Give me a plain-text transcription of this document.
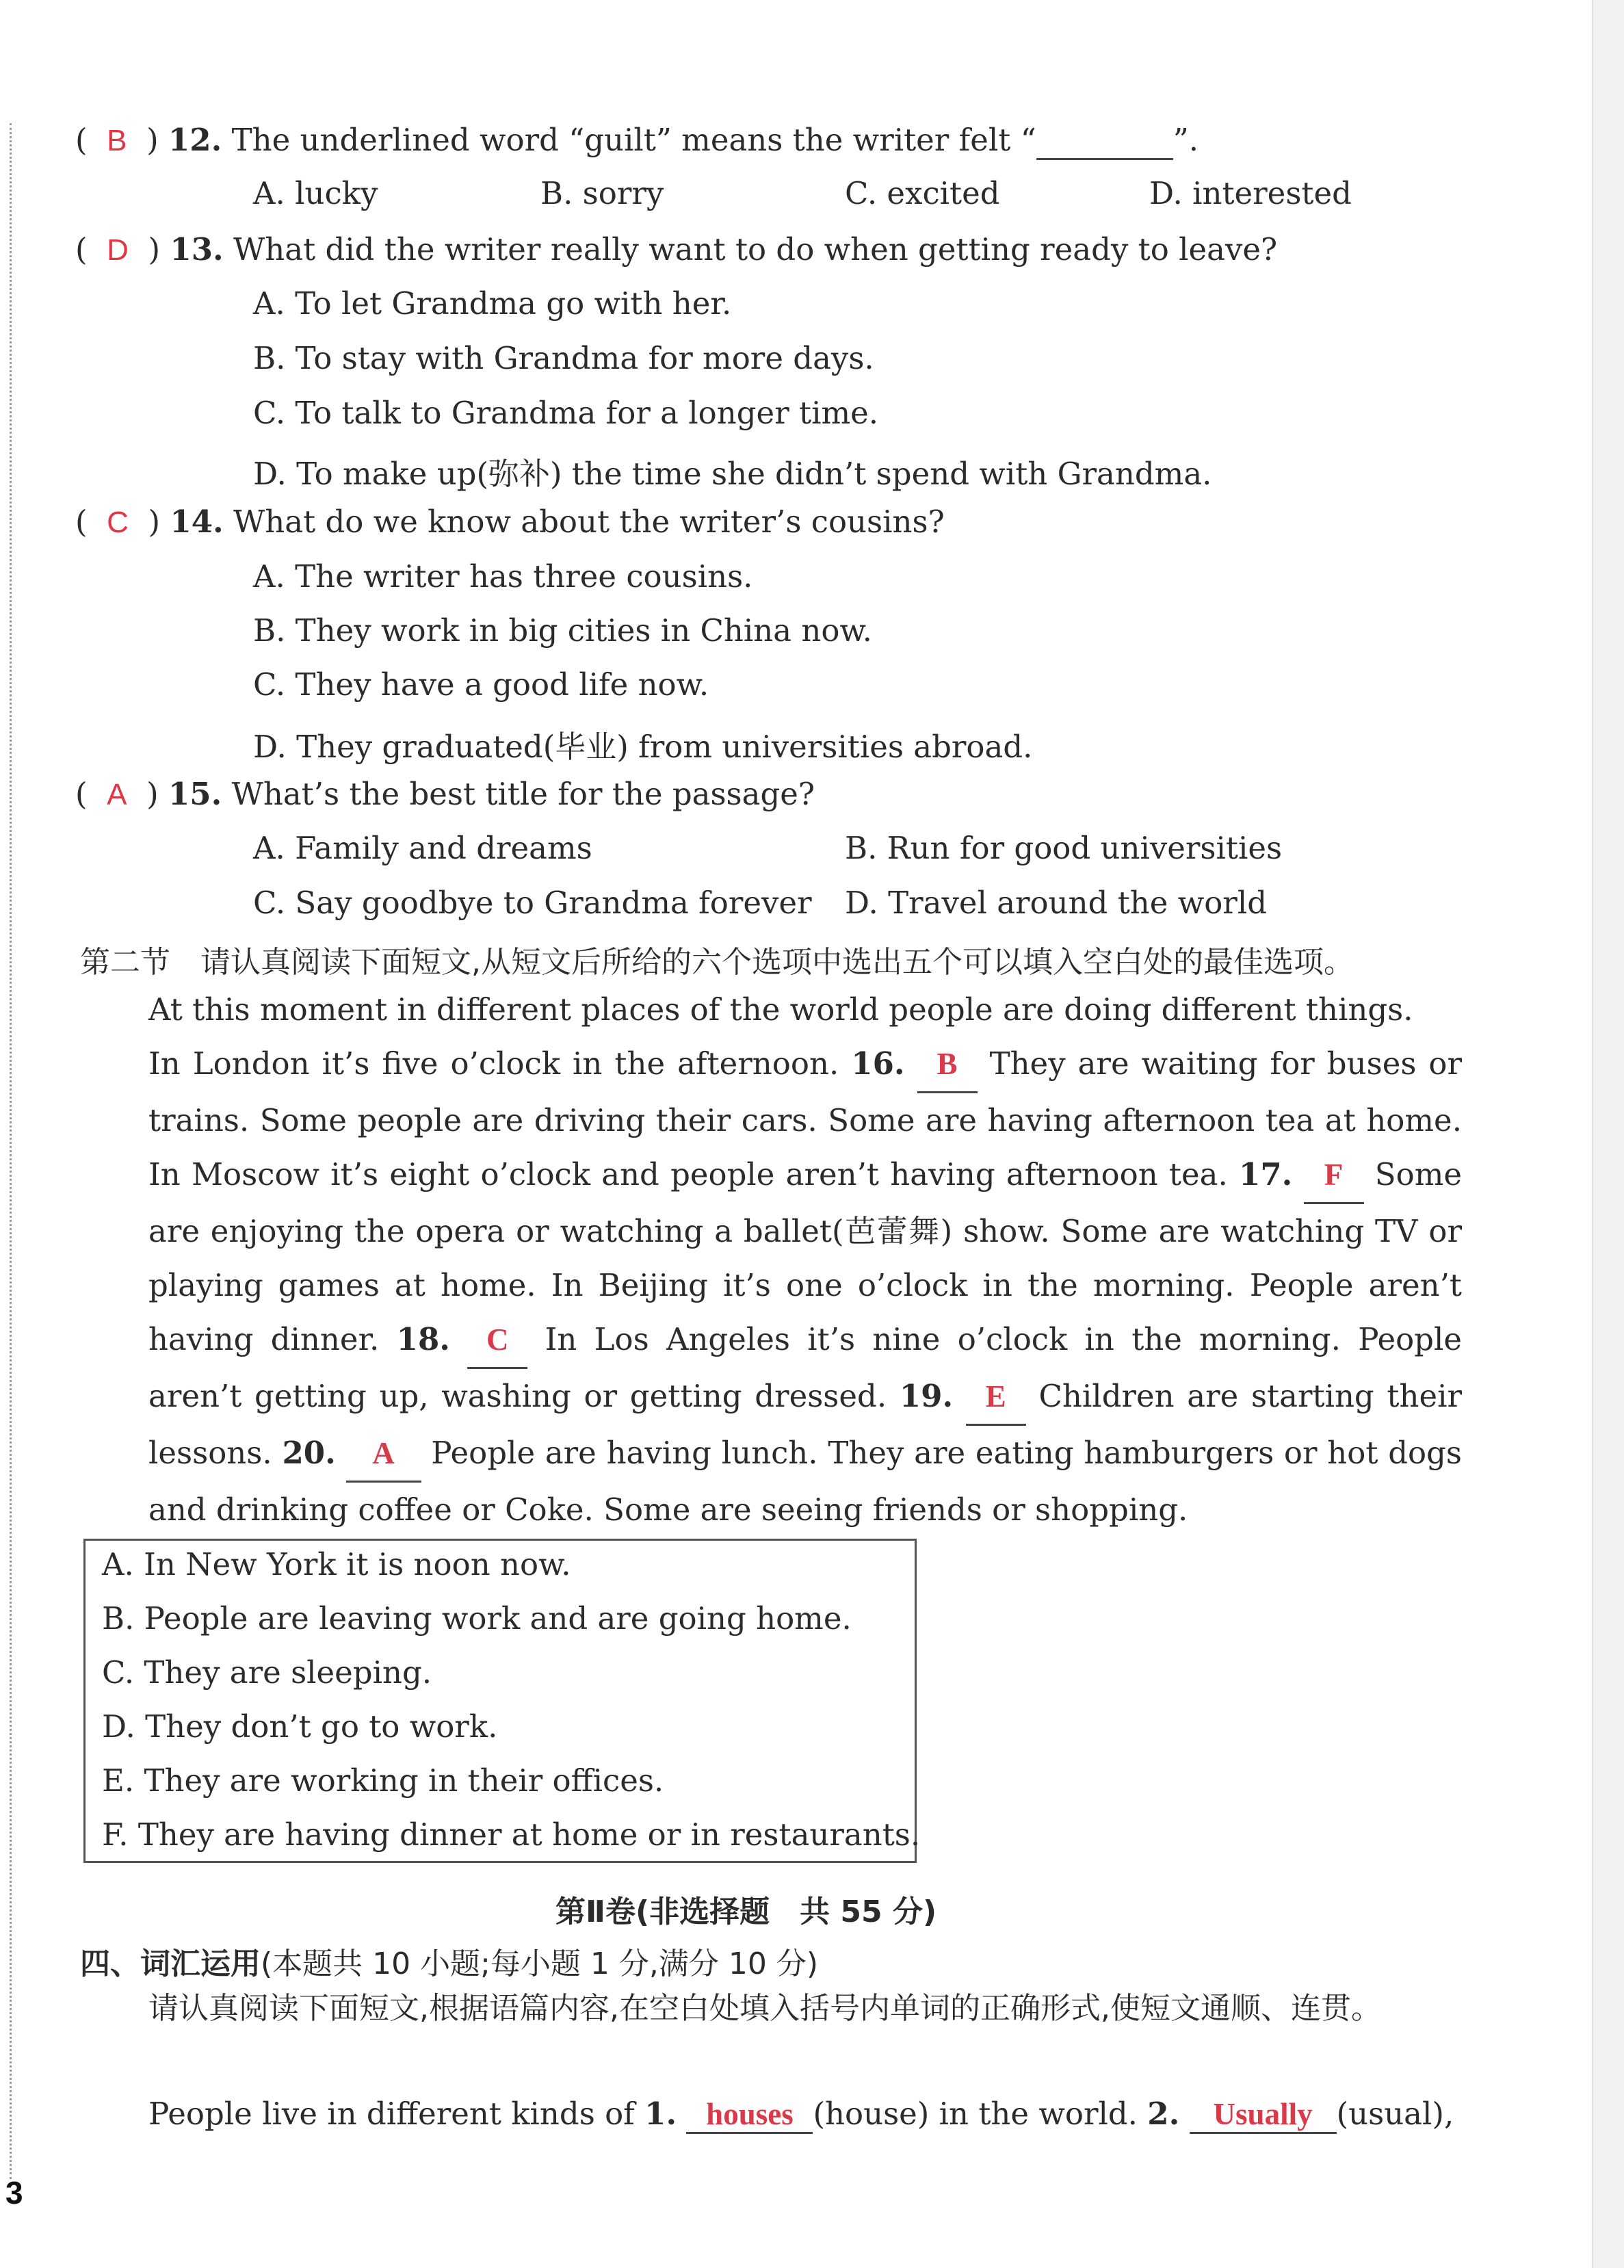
(  B  ) 12. The underlined word “guilt” means the writer felt “	”.
A. lucky	B. sorry	C. excited	D. interested
(  D  ) 13. What did the writer really want to do when getting ready to leave?
A. To let Grandma go with her.
B. To stay with Grandma for more days.
C. To talk to Grandma for a longer time.
D. To make up(弥补) the time she didn’t spend with Grandma.
(  C  ) 14. What do we know about the writer’s cousins?
A. The writer has three cousins.
B. They work in big cities in China now.
C. They have a good life now.
D. They graduated(毕业) from universities abroad.
(  A  ) 15. What’s the best title for the passage?
A. Family and dreams	B. Run for good universities
C. Say goodbye to Grandma forever D. Travel around the world
第二节　请认真阅读下面短文,从短文后所给的六个选项中选出五个可以填入空白处的最佳选项。
At this moment in different places of the world people are doing different things.
In London it’s five o’clock in the afternoon. 16. B They are waiting for buses or trains. Some people are driving their cars. Some are having afternoon tea at home. In Moscow it’s eight o’clock and people aren’t having afternoon tea. 17. F Some are enjoying the opera or watching a ballet(芭蕾舞) show. Some are watching TV or playing games at home. In Beijing it’s one o’clock in the morning. People aren’t having dinner. 18. C In Los Angeles it’s nine o’clock in the morning. People aren’t getting up, washing or getting dressed. 19. E Children are starting their lessons. 20. A People are having lunch. They are eating hamburgers or hot dogs and drinking coffee or Coke. Some are seeing friends or shopping.
A. In New York it is noon now.
B. People are leaving work and are going home.
C. They are sleeping.
D. They don’t go to work.
E. They are working in their offices.
F. They are having dinner at home or in restaurants.
第Ⅱ卷(非选择题　共 55 分)
四、词汇运用(本题共 10 小题;每小题 1 分,满分 10 分)
请认真阅读下面短文,根据语篇内容,在空白处填入括号内单词的正确形式,使短文通顺、连贯。
People live in different kinds of 1. houses (house) in the world. 2. Usually (usual),
3
